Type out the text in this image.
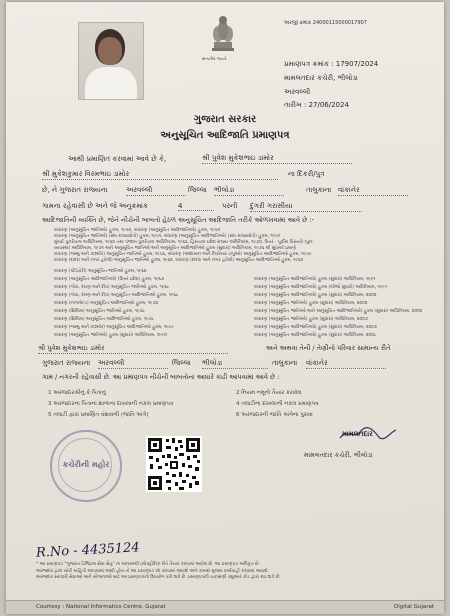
સત્યમેવ જયતે
અરજી ક્રમાંક 24000115000017907
પ્રમાણપત્ર ક્રમાંક : 17907/2024
મામલતદાર કચેરી, ભીલોડા
અરવલ્લી
તારીખ : 27/06/2024
ગુજરાત સરકાર
અનુસૂચિત આદિજાતિ પ્રમાણપત્ર
આથી પ્રમાણિત કરવામાં આવે છે કે,	શ્રી પુવેશ મુકેશભાઇ ડામોર
શ્રી મુકેશકુમાર વિરમભાઇ ડામોર	ના દિકરી/પુત્ર
છે, ને ગુજરાત રાજ્યના	અરવલ્લી	જિલ્લા ભીલોડા	તાલુકાના વાંકાનેર
ગામના રહેવાસી છે અને જે અનુક્રમાંક	4	પરની દુંગરી ગરાસીયા
આદિજાતિની વ્યક્તિ છે, જેને નીચેની બાબતો હેઠળ અનુસૂચિત આદિજાતિ તરીકે ઓળખવામાં આવે છે :-
બંધારણ (અનુસૂચિત જાતિઓ) હુકમ, ૧૯૫૦, બંધારણ (અનુસૂચિત આદિજાતિઓ) હુકમ, ૧૯૫૦
બંધારણ (અનુસૂચિત જાતિઓ) (સંઘ રાજ્યક્ષેત્રો) હુકમ, ૧૯૫૧, બંધારણ (અનુસૂચિત આદિજાતિઓ) (સંઘ રાજ્યક્ષેત્રો) હુકમ, ૧૯૫૧
મુંબઈ પુનર્રચના અધિનિયમ, ૧૯૬૦ તથા પંજાબ પુનર્રચના અધિનિયમ, ૧૯૬૬, હિમાચલ પ્રદેશ રાજ્ય અધિનિયમ, ૧૯૭૦, ઉત્તર - પૂર્વીય વિસ્તારો (પુનઃ
વ્યવસ્થા) અધિનિયમ, ૧૯૭૧ અને અનુસૂચિત જાતિઓ અને અનુસૂચિત આદિજાતિઓ હુકમ (સુધારા) અધિનિયમ, ૧૯૭૬ થી સુધાર્યા પ્રમાણે
બંધારણ (જમ્મુ અને કાશ્મીર) અનુસૂચિત જાતિઓ હુકમ, ૧૯૫૬, બંધારણ (આંદામાન અને નિકોબાર ટાપુઓ) અનુસૂચિત આદિજાતિઓ હુકમ, ૧૯૫૯
બંધારણ (દાદરા અને નગર હવેલી) અનુસૂચિત જાતિઓ હુકમ, ૧૯૬૨, બંધારણ (દાદરા અને નગર હવેલી) અનુસૂચિત આદિજાતિઓ હુકમ, ૧૯૬૨
બંધારણ (પોંડિચેરી) અનુસૂચિત જાતિઓ હુકમ, ૧૯૬૪
બંધારણ (અનુસૂચિત આદિજાતિઓ) (ઉત્તર પ્રદેશ) હુકમ, ૧૯૬૭
બંધારણ (ગોવા, દમણ અને દીવ) અનુસૂચિત જાતિઓ હુકમ, ૧૯૬૮
બંધારણ (ગોવા, દમણ અને દીવ) અનુસૂચિત આદિજાતિઓ હુકમ, ૧૯૬૮
બંધારણ (નાગાલેન્ડ) અનુસૂચિત આદિજાતિઓ હુકમ, ૧૯૭૦
બંધારણ (સિક્કિમ) અનુસૂચિત જાતિઓ હુકમ, ૧૯૭૮
બંધારણ (સિક્કિમ) અનુસૂચિત આદિજાતિઓ હુકમ, ૧૯૭૮
બંધારણ (જમ્મુ અને કાશ્મીર) અનુસૂચિત આદિજાતિઓ હુકમ, ૧૯૮૯
બંધારણ (અનુસૂચિત જાતિઓ) હુકમ (સુધારા) અધિનિયમ, ૧૯૯૦
બંધારણ (અનુસૂચિત આદિજાતિઓ) હુકમ (સુધારા) અધિનિયમ, ૧૯૯૧
બંધારણ (અનુસૂચિત આદિજાતિઓ) હુકમ (બીજો સુધારો) અધિનિયમ, ૧૯૯૧
બંધારણ (અનુસૂચિત આદિજાતિઓ) હુકમ (સુધારા) અધિનિયમ, ૨૦૦૨
બંધારણ (અનુસૂચિત જાતિઓ) હુકમ (સુધારા) અધિનિયમ, ૨૦૦૨
બંધારણ (અનુસૂચિત જાતિઓ અને અનુસૂચિત આદિજાતિઓ) હુકમ (સુધારા) અધિનિયમ, ૨૦૦૨
બંધારણ (અનુસૂચિત જાતિઓ) હુકમ (સુધારા) અધિનિયમ, ૨૦૦૭
બંધારણ (અનુસૂચિત આદિજાતિઓ) હુકમ (સુધારા) અધિનિયમ, ૨૦૦૭
બંધારણ (અનુસૂચિત આદિજાતિઓ) હુકમ (સુધારા) અધિનિયમ, ૨૦૦૮
શ્રી પુવેશ મુકેશભાઇ ડામોર	અને અથવા તેની / તેણીનો પરિવાર સામાન્ય રીતે
ગુજરાત રાજ્યના અરવલ્લી	જિલ્લા ભીલોડા	તાલુકાના વાંકાનેર
ગામ / નગરની રહેવાસી છે. આ પ્રમાણપત્ર નીચેની બાબતોના આધારે કાઢી આપવામાં આવે છે :
1 અરજદારશ્રીનું કે પિતાનું
3 અરજદારના પિતાના શાળાના દાખલાની નકલ પ્રમાણપત્ર
5 તલાટી દ્વારા પ્રમાણિત વંશાવળી (જાતિ અંગે)
2 નિયમ નમૂનો તૈયાર કરાવેલ
4 તલાટીના દાખલાની નકલ પ્રમાણપત્ર
6 અરજદારની જાતિ અંગેના પુરાવા
કચેરીની મહોર
મામલતદાર
મામલતદાર કચેરી, ભીલોડા
R.No - 4435124
* આ પ્રમાણપત્ર "ગુજરાત ડિજિટલ સેવા સેતુ" ના માધ્યમથી ઇલેક્ટ્રોનિક રીતે તૈયાર કરવામાં આવેલ છે. આ પ્રમાણપત્ર અધિકૃત છે.
અરજદાર દ્વારા ખોટી માહિતી આપવામાં આવી હોય તો આ પ્રમાણપત્ર રદ કરવામાં આવશે અને કાયદા મુજબ કાર્યવાહી કરવામાં આવશે.
અરજદાર સરકારી સેવાઓ અને યોજનાઓ માટે આ પ્રમાણપત્રનો ઉપયોગ કરી શકે છે. પ્રમાણપત્રની ચકાસણી ક્યુઆર કોડ દ્વારા થઇ શકે છે.
Courtesy : National Informatics Centre, Gujarat	Digital Gujarat
